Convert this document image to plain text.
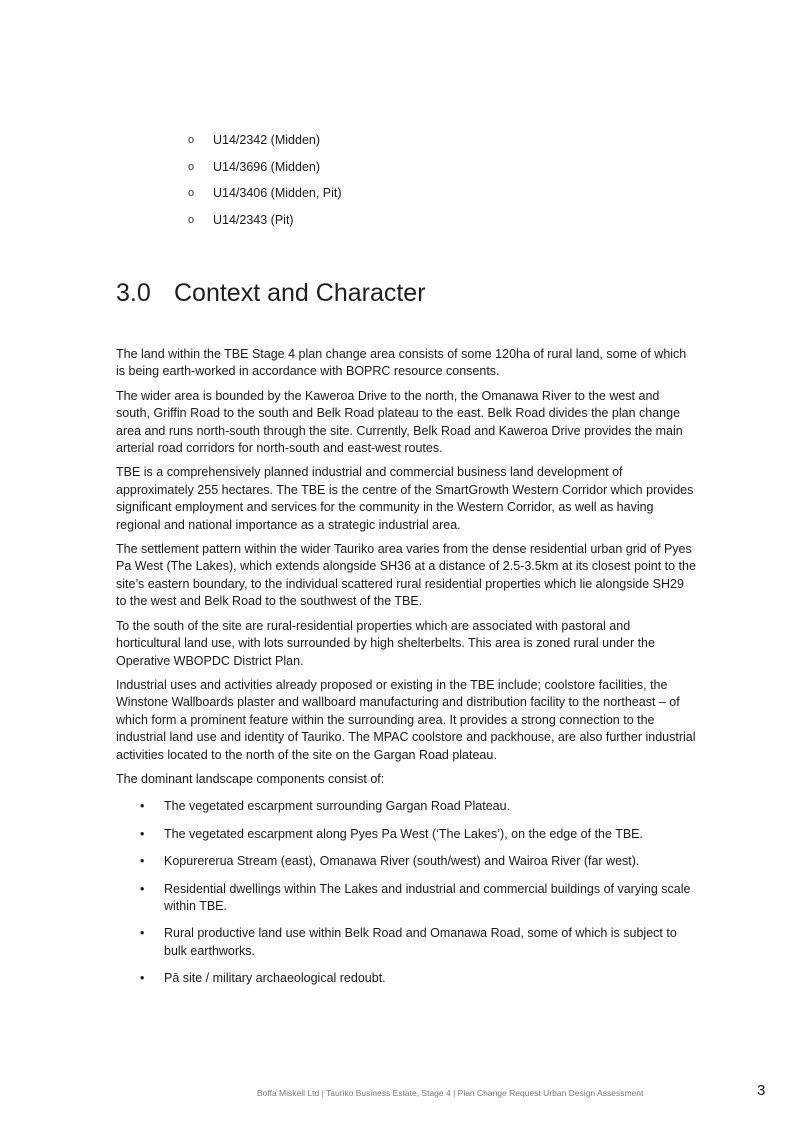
o	U14/2342 (Midden)
o	U14/3696 (Midden)
o	U14/3406 (Midden, Pit)
o	U14/2343 (Pit)
3.0 Context and Character

The land within the TBE Stage 4 plan change area consists of some 120ha of rural land, some of which is being earth-worked in accordance with BOPRC resource consents.

The wider area is bounded by the Kaweroa Drive to the north, the Omanawa River to the west and south, Griffin Road to the south and Belk Road plateau to the east. Belk Road divides the plan change area and runs north-south through the site. Currently, Belk Road and Kaweroa Drive provides the main arterial road corridors for north-south and east-west routes.

TBE is a comprehensively planned industrial and commercial business land development of approximately 255 hectares. The TBE is the centre of the SmartGrowth Western Corridor which provides significant employment and services for the community in the Western Corridor, as well as having regional and national importance as a strategic industrial area.

The settlement pattern within the wider Tauriko area varies from the dense residential urban grid of Pyes Pa West (The Lakes), which extends alongside SH36 at a distance of 2.5-3.5km at its closest point to the site’s eastern boundary, to the individual scattered rural residential properties which lie alongside SH29 to the west and Belk Road to the southwest of the TBE.

To the south of the site are rural-residential properties which are associated with pastoral and horticultural land use, with lots surrounded by high shelterbelts. This area is zoned rural under the Operative WBOPDC District Plan.

Industrial uses and activities already proposed or existing in the TBE include; coolstore facilities, the Winstone Wallboards plaster and wallboard manufacturing and distribution facility to the northeast – of which form a prominent feature within the surrounding area. It provides a strong connection to the industrial land use and identity of Tauriko. The MPAC coolstore and packhouse, are also further industrial activities located to the north of the site on the Gargan Road plateau.

The dominant landscape components consist of:

•	The vegetated escarpment surrounding Gargan Road Plateau.
•	The vegetated escarpment along Pyes Pa West (‘The Lakes’), on the edge of the TBE.
•	Kopurererua Stream (east), Omanawa River (south/west) and Wairoa River (far west).
•	Residential dwellings within The Lakes and industrial and commercial buildings of varying scale within TBE.
•	Rural productive land use within Belk Road and Omanawa Road, some of which is subject to bulk earthworks.
•	Pā site / military archaeological redoubt.
Boffa Miskell Ltd | Tauriko Business Estate, Stage 4 | Plan Change Request Urban Design Assessment	3
